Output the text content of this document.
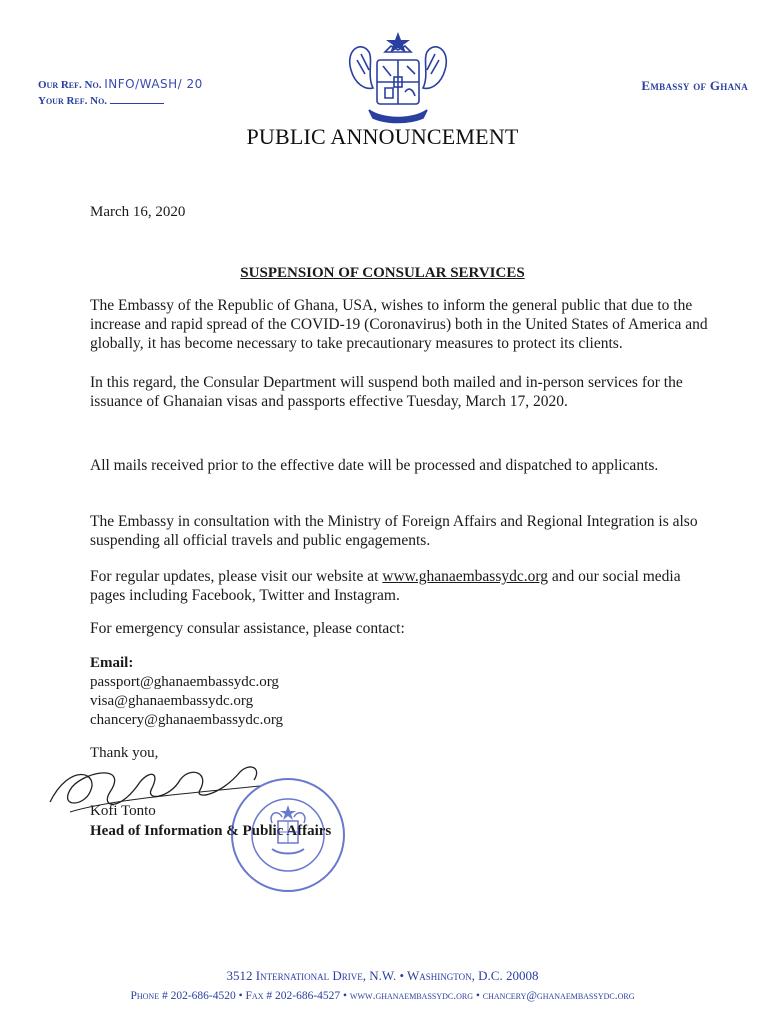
Our Ref. No. INFO/WASH/ 20
Your Ref. No.
Embassy of Ghana
PUBLIC ANNOUNCEMENT
March 16, 2020
SUSPENSION OF CONSULAR SERVICES
The Embassy of the Republic of Ghana, USA, wishes to inform the general public that due to the increase and rapid spread of the COVID-19 (Coronavirus) both in the United States of America and globally, it has become necessary to take precautionary measures to protect its clients.
In this regard, the Consular Department will suspend both mailed and in-person services for the issuance of Ghanaian visas and passports effective Tuesday, March 17, 2020.
All mails received prior to the effective date will be processed and dispatched to applicants.
The Embassy in consultation with the Ministry of Foreign Affairs and Regional Integration is also suspending all official travels and public engagements.
For regular updates, please visit our website at www.ghanaembassydc.org and our social media pages including Facebook, Twitter and Instagram.
For emergency consular assistance, please contact:
Email:
passport@ghanaembassydc.org
visa@ghanaembassydc.org
chancery@ghanaembassydc.org
Thank you,
Kofi Tonto
Head of Information & Public Affairs
3512 International Drive, N.W. • Washington, D.C. 20008
Phone # 202-686-4520 • Fax # 202-686-4527 • www.ghanaembassydc.org • chancery@ghanaembassydc.org
